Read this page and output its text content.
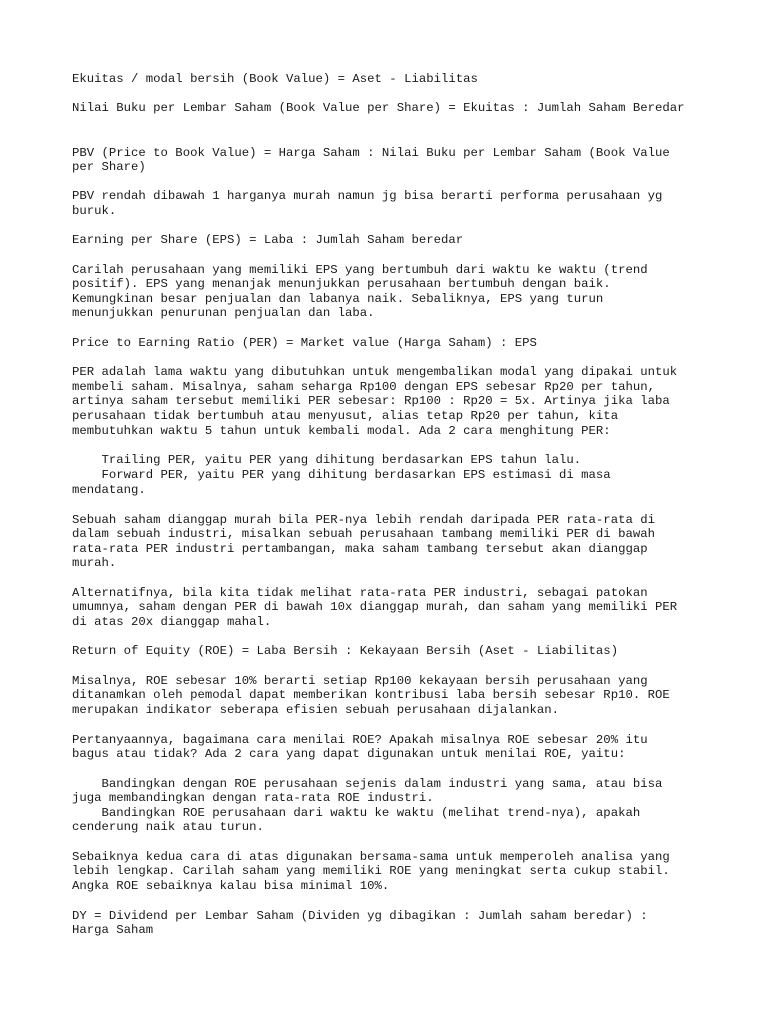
Ekuitas / modal bersih (Book Value) = Aset - Liabilitas
Nilai Buku per Lembar Saham (Book Value per Share) = Ekuitas : Jumlah Saham Beredar
PBV (Price to Book Value) = Harga Saham : Nilai Buku per Lembar Saham (Book Value
per Share)
PBV rendah dibawah 1 harganya murah namun jg bisa berarti performa perusahaan yg
buruk.
Earning per Share (EPS) = Laba : Jumlah Saham beredar
Carilah perusahaan yang memiliki EPS yang bertumbuh dari waktu ke waktu (trend
positif). EPS yang menanjak menunjukkan perusahaan bertumbuh dengan baik.
Kemungkinan besar penjualan dan labanya naik. Sebaliknya, EPS yang turun
menunjukkan penurunan penjualan dan laba.
Price to Earning Ratio (PER) = Market value (Harga Saham) : EPS
PER adalah lama waktu yang dibutuhkan untuk mengembalikan modal yang dipakai untuk
membeli saham. Misalnya, saham seharga Rp100 dengan EPS sebesar Rp20 per tahun,
artinya saham tersebut memiliki PER sebesar: Rp100 : Rp20 = 5x. Artinya jika laba
perusahaan tidak bertumbuh atau menyusut, alias tetap Rp20 per tahun, kita
membutuhkan waktu 5 tahun untuk kembali modal. Ada 2 cara menghitung PER:
Trailing PER, yaitu PER yang dihitung berdasarkan EPS tahun lalu.
Forward PER, yaitu PER yang dihitung berdasarkan EPS estimasi di masa
mendatang.
Sebuah saham dianggap murah bila PER-nya lebih rendah daripada PER rata-rata di
dalam sebuah industri, misalkan sebuah perusahaan tambang memiliki PER di bawah
rata-rata PER industri pertambangan, maka saham tambang tersebut akan dianggap
murah.
Alternatifnya, bila kita tidak melihat rata-rata PER industri, sebagai patokan
umumnya, saham dengan PER di bawah 10x dianggap murah, dan saham yang memiliki PER
di atas 20x dianggap mahal.
Return of Equity (ROE) = Laba Bersih : Kekayaan Bersih (Aset - Liabilitas)
Misalnya, ROE sebesar 10% berarti setiap Rp100 kekayaan bersih perusahaan yang
ditanamkan oleh pemodal dapat memberikan kontribusi laba bersih sebesar Rp10. ROE
merupakan indikator seberapa efisien sebuah perusahaan dijalankan.
Pertanyaannya, bagaimana cara menilai ROE? Apakah misalnya ROE sebesar 20% itu
bagus atau tidak? Ada 2 cara yang dapat digunakan untuk menilai ROE, yaitu:
Bandingkan dengan ROE perusahaan sejenis dalam industri yang sama, atau bisa
juga membandingkan dengan rata-rata ROE industri.
Bandingkan ROE perusahaan dari waktu ke waktu (melihat trend-nya), apakah
cenderung naik atau turun.
Sebaiknya kedua cara di atas digunakan bersama-sama untuk memperoleh analisa yang
lebih lengkap. Carilah saham yang memiliki ROE yang meningkat serta cukup stabil.
Angka ROE sebaiknya kalau bisa minimal 10%.
DY = Dividend per Lembar Saham (Dividen yg dibagikan : Jumlah saham beredar) :
Harga Saham
